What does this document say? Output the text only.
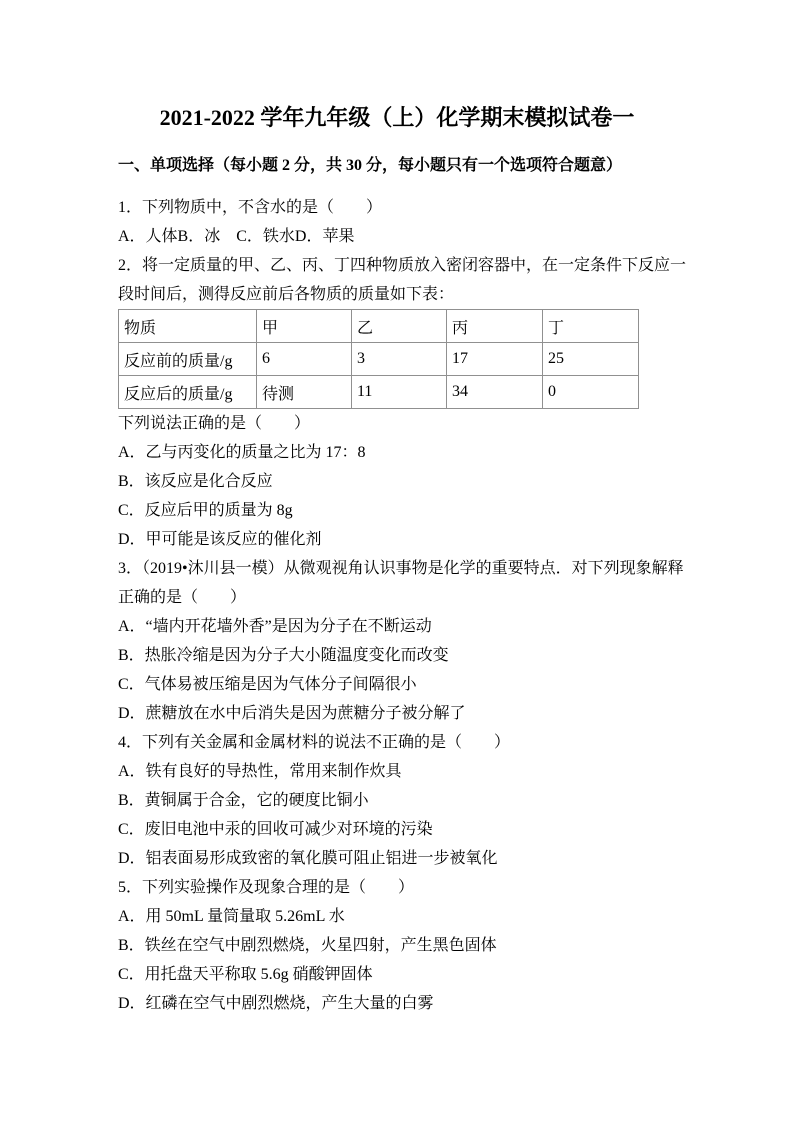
2021-2022 学年九年级（上）化学期末模拟试卷一
一、单项选择（每小题 2 分，共 30 分，每小题只有一个选项符合题意）
1．下列物质中，不含水的是（　　）
A．人体B．冰　C．铁水D．苹果
2．将一定质量的甲、乙、丙、丁四种物质放入密闭容器中，在一定条件下反应一
段时间后，测得反应前后各物质的质量如下表：
物质	甲	乙	丙	丁
反应前的质量/g	6	3	17	25
反应后的质量/g	待测	11	34	0
下列说法正确的是（　　）
A．乙与丙变化的质量之比为 17：8
B．该反应是化合反应
C．反应后甲的质量为 8g
D．甲可能是该反应的催化剂
3．（2019•沐川县一模）从微观视角认识事物是化学的重要特点．对下列现象解释
正确的是（　　）
A．“墙内开花墙外香”是因为分子在不断运动
B．热胀冷缩是因为分子大小随温度变化而改变
C．气体易被压缩是因为气体分子间隔很小
D．蔗糖放在水中后消失是因为蔗糖分子被分解了
4．下列有关金属和金属材料的说法不正确的是（　　）
A．铁有良好的导热性，常用来制作炊具
B．黄铜属于合金，它的硬度比铜小
C．废旧电池中汞的回收可减少对环境的污染
D．铝表面易形成致密的氧化膜可阻止铝进一步被氧化
5．下列实验操作及现象合理的是（　　）
A．用 50mL 量筒量取 5.26mL 水
B．铁丝在空气中剧烈燃烧，火星四射，产生黑色固体
C．用托盘天平称取 5.6g 硝酸钾固体
D．红磷在空气中剧烈燃烧，产生大量的白雾
